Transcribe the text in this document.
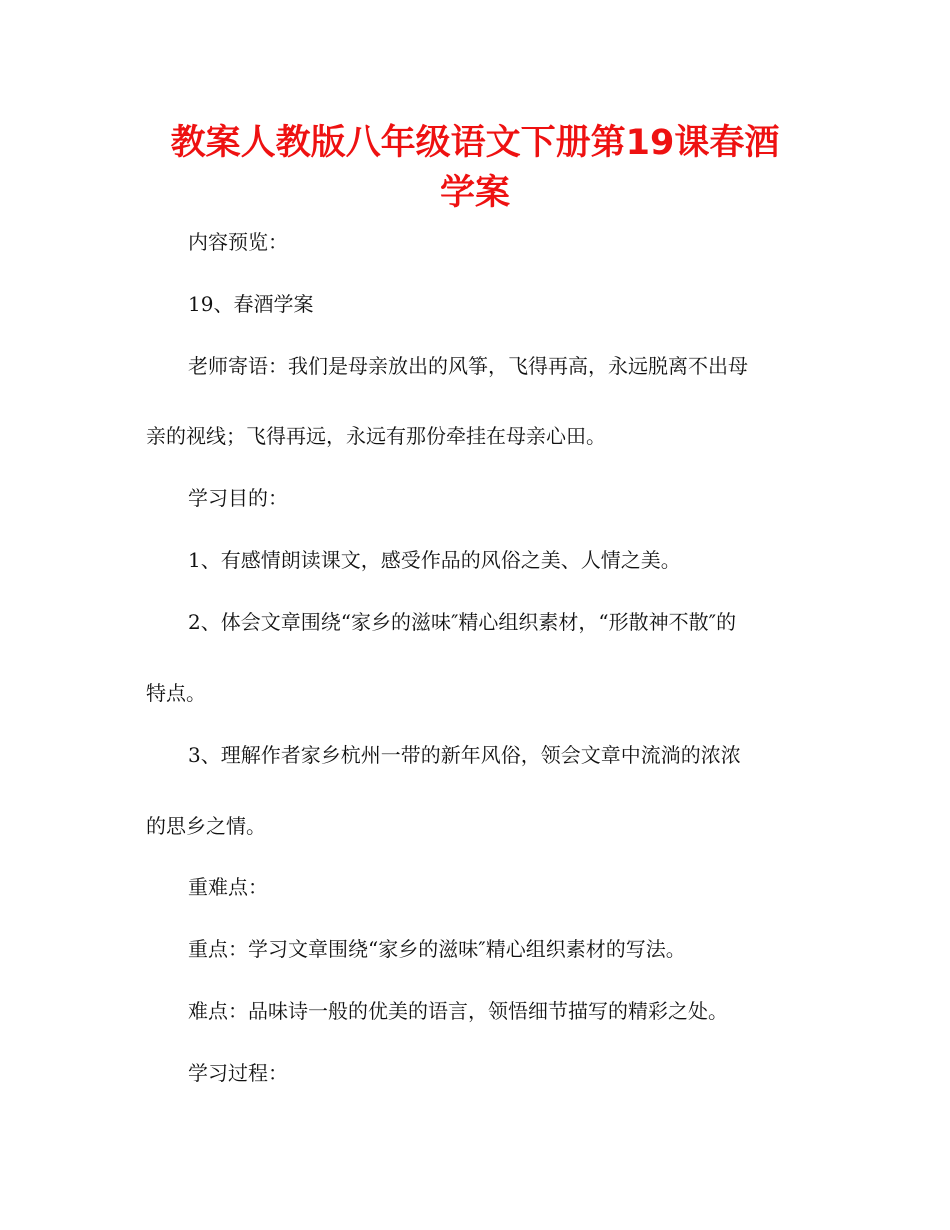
教案人教版八年级语文下册第19课春酒
学案

内容预览：

19、春酒学案

老师寄语：我们是母亲放出的风筝，飞得再高，永远脱离不出母

亲的视线；飞得再远，永远有那份牵挂在母亲心田。

学习目的：

1、有感情朗读课文，感受作品的风俗之美、人情之美。

2、体会文章围绕“家乡的滋味″精心组织素材，“形散神不散″的

特点。

3、理解作者家乡杭州一带的新年风俗，领会文章中流淌的浓浓

的思乡之情。

重难点：

重点：学习文章围绕“家乡的滋味″精心组织素材的写法。

难点：品味诗一般的优美的语言，领悟细节描写的精彩之处。

学习过程：
